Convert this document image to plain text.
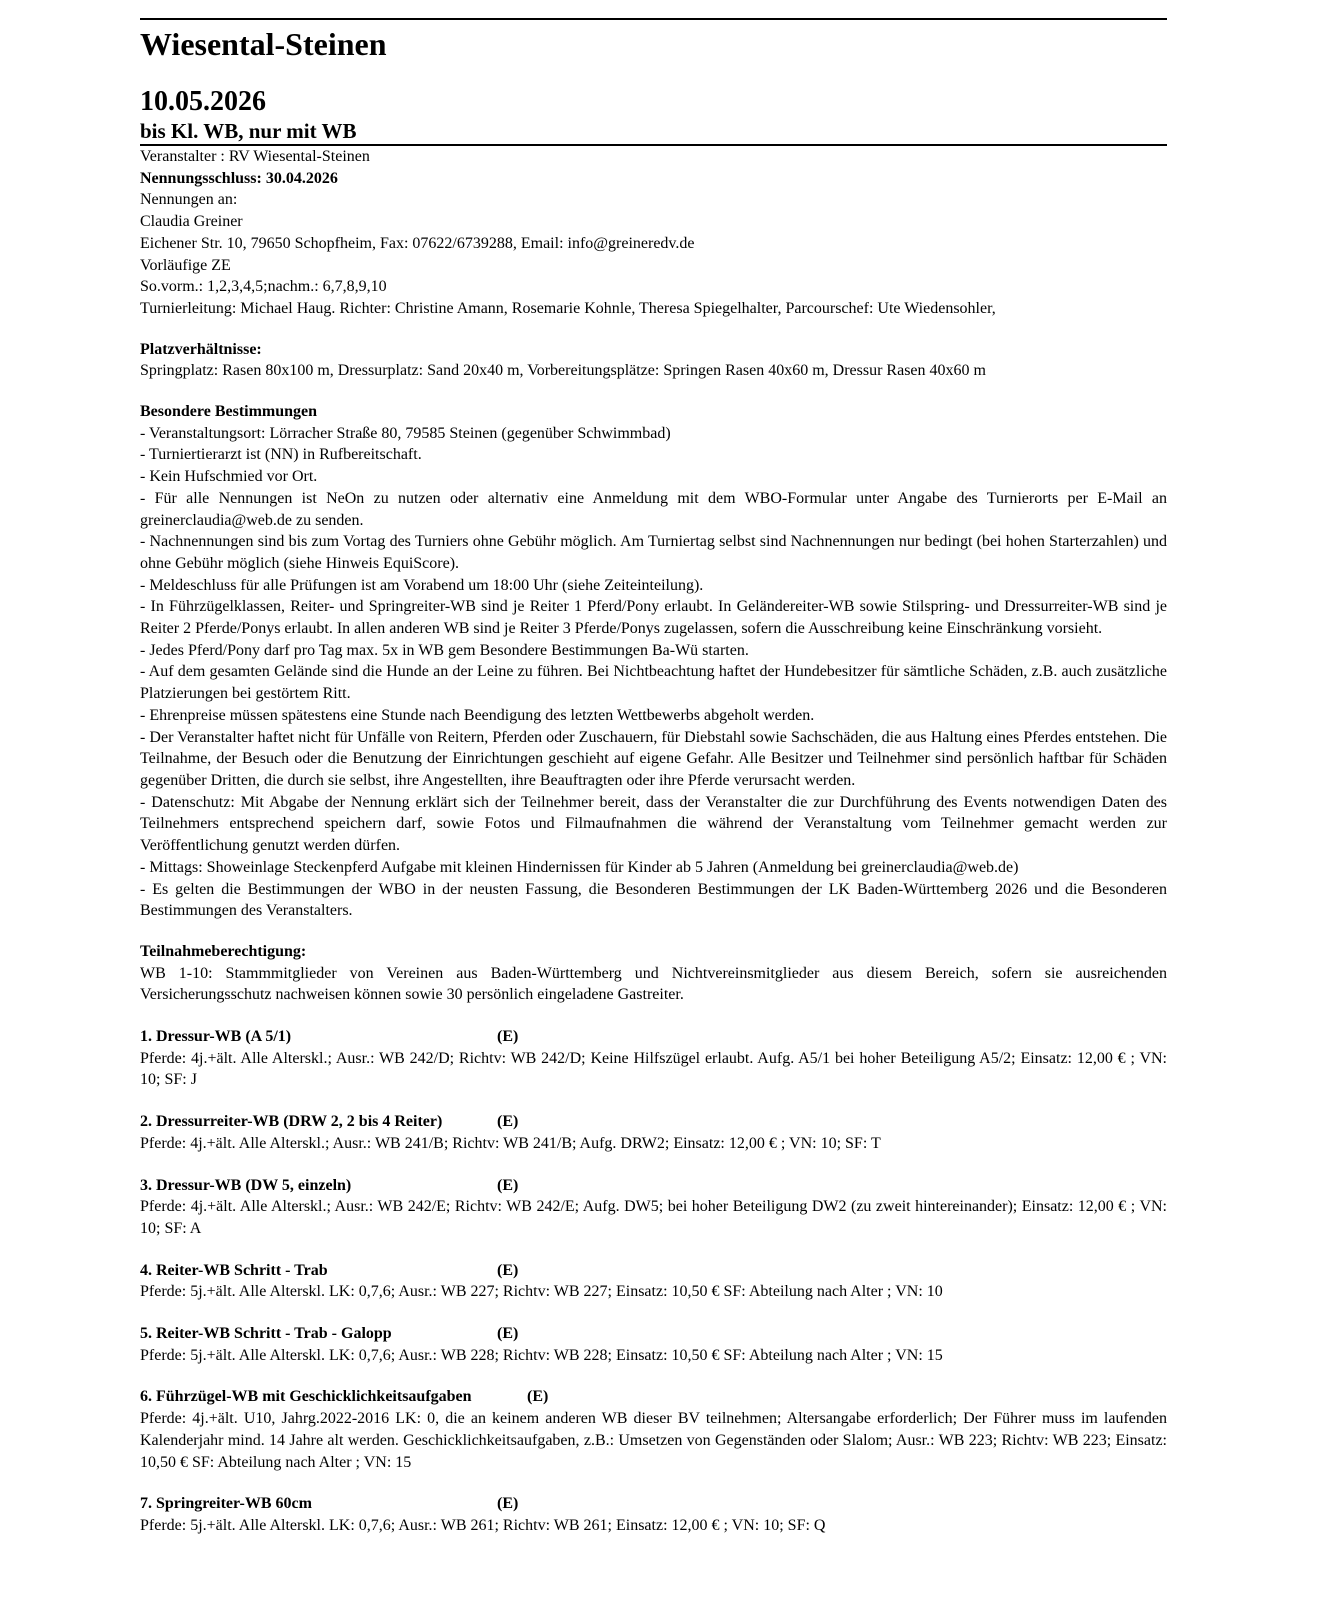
Wiesental-Steinen
10.05.2026
bis Kl. WB, nur mit WB

Veranstalter : RV Wiesental-Steinen

Nennungsschluss: 30.04.2026

Nennungen an:

Claudia Greiner

Eichener Str. 10, 79650 Schopfheim, Fax: 07622/6739288, Email: info@greineredv.de

Vorläufige ZE

So.vorm.: 1,2,3,4,5;nachm.: 6,7,8,9,10

Turnierleitung: Michael Haug. Richter: Christine Amann, Rosemarie Kohnle, Theresa Spiegelhalter, Parcourschef: Ute Wiedensohler,

Platzverhältnisse:

Springplatz: Rasen 80x100 m, Dressurplatz: Sand 20x40 m, Vorbereitungsplätze: Springen Rasen 40x60 m, Dressur Rasen 40x60 m

Besondere Bestimmungen

- Veranstaltungsort: Lörracher Straße 80, 79585 Steinen (gegenüber Schwimmbad)

- Turniertierarzt ist (NN) in Rufbereitschaft.

- Kein Hufschmied vor Ort.

- Für alle Nennungen ist NeOn zu nutzen oder alternativ eine Anmeldung mit dem WBO-Formular unter Angabe des Turnierorts per E-Mail an greinerclaudia@web.de zu senden.

- Nachnennungen sind bis zum Vortag des Turniers ohne Gebühr möglich. Am Turniertag selbst sind Nachnennungen nur bedingt (bei hohen Starterzahlen) und ohne Gebühr möglich (siehe Hinweis EquiScore).

- Meldeschluss für alle Prüfungen ist am Vorabend um 18:00 Uhr (siehe Zeiteinteilung).

- In Führzügelklassen, Reiter- und Springreiter-WB sind je Reiter 1 Pferd/Pony erlaubt. In Geländereiter-WB sowie Stilspring- und Dressurreiter-WB sind je Reiter 2 Pferde/Ponys erlaubt. In allen anderen WB sind je Reiter 3 Pferde/Ponys zugelassen, sofern die Ausschreibung keine Einschränkung vorsieht.

- Jedes Pferd/Pony darf pro Tag max. 5x in WB gem Besondere Bestimmungen Ba-Wü starten.

- Auf dem gesamten Gelände sind die Hunde an der Leine zu führen. Bei Nichtbeachtung haftet der Hundebesitzer für sämtliche Schäden, z.B. auch zusätzliche Platzierungen bei gestörtem Ritt.

- Ehrenpreise müssen spätestens eine Stunde nach Beendigung des letzten Wettbewerbs abgeholt werden.

- Der Veranstalter haftet nicht für Unfälle von Reitern, Pferden oder Zuschauern, für Diebstahl sowie Sachschäden, die aus Haltung eines Pferdes entstehen. Die Teilnahme, der Besuch oder die Benutzung der Einrichtungen geschieht auf eigene Gefahr. Alle Besitzer und Teilnehmer sind persönlich haftbar für Schäden gegenüber Dritten, die durch sie selbst, ihre Angestellten, ihre Beauftragten oder ihre Pferde verursacht werden.

- Datenschutz: Mit Abgabe der Nennung erklärt sich der Teilnehmer bereit, dass der Veranstalter die zur Durchführung des Events notwendigen Daten des Teilnehmers entsprechend speichern darf, sowie Fotos und Filmaufnahmen die während der Veranstaltung vom Teilnehmer gemacht werden zur Veröffentlichung genutzt werden dürfen.

- Mittags: Showeinlage Steckenpferd Aufgabe mit kleinen Hindernissen für Kinder ab 5 Jahren (Anmeldung bei greinerclaudia@web.de)

- Es gelten die Bestimmungen der WBO in der neusten Fassung, die Besonderen Bestimmungen der LK Baden-Württemberg 2026 und die Besonderen Bestimmungen des Veranstalters.

Teilnahmeberechtigung:

WB 1-10: Stammmitglieder von Vereinen aus Baden-Württemberg und Nichtvereinsmitglieder aus diesem Bereich, sofern sie ausreichenden Versicherungsschutz nachweisen können sowie 30 persönlich eingeladene Gastreiter.

1. Dressur-WB (A 5/1)	(E)

Pferde: 4j.+ält. Alle Alterskl.; Ausr.: WB 242/D; Richtv: WB 242/D; Keine Hilfszügel erlaubt. Aufg. A5/1 bei hoher Beteiligung A5/2; Einsatz: 12,00 € ; VN: 10; SF: J

2. Dressurreiter-WB (DRW 2, 2 bis 4 Reiter)	(E)

Pferde: 4j.+ält. Alle Alterskl.; Ausr.: WB 241/B; Richtv: WB 241/B; Aufg. DRW2; Einsatz: 12,00 € ; VN: 10; SF: T

3. Dressur-WB (DW 5, einzeln)	(E)

Pferde: 4j.+ält. Alle Alterskl.; Ausr.: WB 242/E; Richtv: WB 242/E; Aufg. DW5; bei hoher Beteiligung DW2 (zu zweit hintereinander); Einsatz: 12,00 € ; VN: 10; SF: A

4. Reiter-WB Schritt - Trab	(E)

Pferde: 5j.+ält. Alle Alterskl. LK: 0,7,6; Ausr.: WB 227; Richtv: WB 227; Einsatz: 10,50 € SF: Abteilung nach Alter ; VN: 10

5. Reiter-WB Schritt - Trab - Galopp	(E)

Pferde: 5j.+ält. Alle Alterskl. LK: 0,7,6; Ausr.: WB 228; Richtv: WB 228; Einsatz: 10,50 € SF: Abteilung nach Alter ; VN: 15

6. Führzügel-WB mit Geschicklichkeitsaufgaben	(E)

Pferde: 4j.+ält. U10, Jahrg.2022-2016 LK: 0, die an keinem anderen WB dieser BV teilnehmen; Altersangabe erforderlich; Der Führer muss im laufenden Kalenderjahr mind. 14 Jahre alt werden. Geschicklichkeitsaufgaben, z.B.: Umsetzen von Gegenständen oder Slalom; Ausr.: WB 223; Richtv: WB 223; Einsatz: 10,50 € SF: Abteilung nach Alter ; VN: 15

7. Springreiter-WB 60cm	(E)

Pferde: 5j.+ält. Alle Alterskl. LK: 0,7,6; Ausr.: WB 261; Richtv: WB 261; Einsatz: 12,00 € ; VN: 10; SF: Q
